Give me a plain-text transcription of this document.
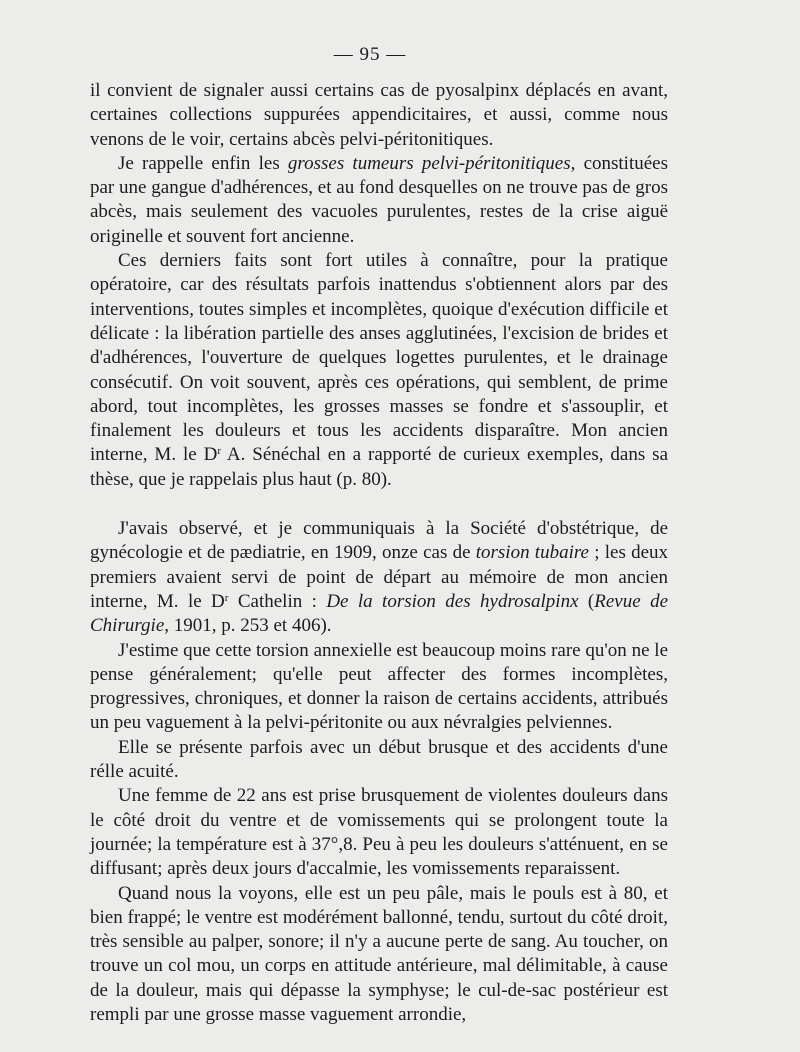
— 95 —

il convient de signaler aussi certains cas de pyosalpinx déplacés en avant, certaines collections suppurées appendicitaires, et aussi, comme nous venons de le voir, certains abcès pelvi-péritonitiques.

Je rappelle enfin les grosses tumeurs pelvi-péritonitiques, constituées par une gangue d'adhérences, et au fond desquelles on ne trouve pas de gros abcès, mais seulement des vacuoles purulentes, restes de la crise aiguë originelle et souvent fort ancienne.

Ces derniers faits sont fort utiles à connaître, pour la pratique opératoire, car des résultats parfois inattendus s'obtiennent alors par des interventions, toutes simples et incomplètes, quoique d'exécution difficile et délicate : la libération partielle des anses agglutinées, l'excision de brides et d'adhérences, l'ouverture de quelques logettes purulentes, et le drainage consécutif. On voit souvent, après ces opérations, qui semblent, de prime abord, tout incomplètes, les grosses masses se fondre et s'assouplir, et finalement les douleurs et tous les accidents disparaître. Mon ancien interne, M. le $D^r$ A. Sénéchal en a rapporté de curieux exemples, dans sa thèse, que je rappelais plus haut (p. 80).

J'avais observé, et je communiquais à la Société d'obstétrique, de gynécologie et de pædiatrie, en 1909, onze cas de torsion tubaire ; les deux premiers avaient servi de point de départ au mémoire de mon ancien interne, M. le $D^r$ Cathelin : De la torsion des hydrosalpinx (Revue de Chirurgie, 1901, p. 253 et 406).

J'estime que cette torsion annexielle est beaucoup moins rare qu'on ne le pense généralement; qu'elle peut affecter des formes incomplètes, progressives, chroniques, et donner la raison de certains accidents, attribués un peu vaguement à la pelvi-péritonite ou aux névralgies pelviennes.

Elle se présente parfois avec un début brusque et des accidents d'une rélle acuité.

Une femme de 22 ans est prise brusquement de violentes douleurs dans le côté droit du ventre et de vomissements qui se prolongent toute la journée; la température est à 37°,8. Peu à peu les douleurs s'atténuent, en se diffusant; après deux jours d'accalmie, les vomissements reparaissent.

Quand nous la voyons, elle est un peu pâle, mais le pouls est à 80, et bien frappé; le ventre est modérément ballonné, tendu, surtout du côté droit, très sensible au palper, sonore; il n'y a aucune perte de sang. Au toucher, on trouve un col mou, un corps en attitude antérieure, mal délimitable, à cause de la douleur, mais qui dépasse la symphyse; le cul-de-sac postérieur est rempli par une grosse masse vaguement arrondie,
